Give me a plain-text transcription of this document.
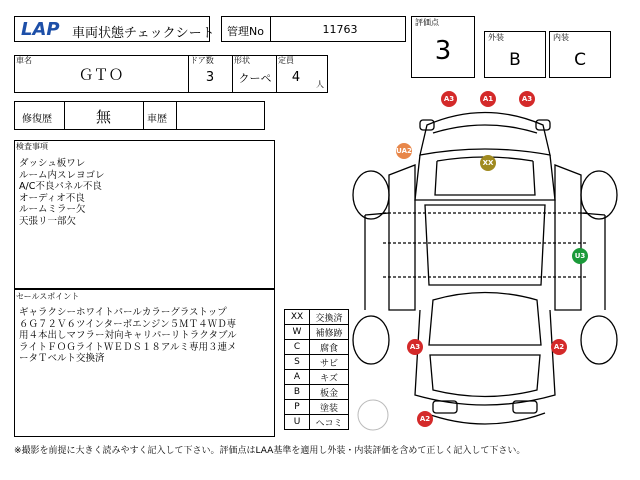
LAP 車両状態チェックシート 管理No	11763
評価点
3	外装
B
内装
C
車名
ＧＴＯ
ドア数
3
形状
クーペ
定員
4	人
修復歴	無	車歴
検査事項
ダッシュ板ワレ
ルーム内スレヨゴレ
A/C不良パネル不良
オーディオ不良
ルームミラー欠
天張リ一部欠
セールスポイント
ギャラクシーホワイトパールカラーグラストップ
６Ｇ７２Ｖ６ツインターボエンジン５ＭＴ４ＷＤ専
用４本出しマフラー対向キャリパーリトラクタブル
ライトＦＯＧライトＷＥＤＳ１８アルミ専用３連メ
ータＴベルト交換済
XX	交換済
W	補修跡
C	腐食
S	サビ
A	キズ
B	板金
P	塗装
U	ヘコミ
A3	A1	A3
UA2
XX
U3
A3	A2
A2
※撮影を前提に大きく読みやすく記入して下さい。評価点はLAA基準を適用し外装・内装評価を含めて正しく記入して下さい。
